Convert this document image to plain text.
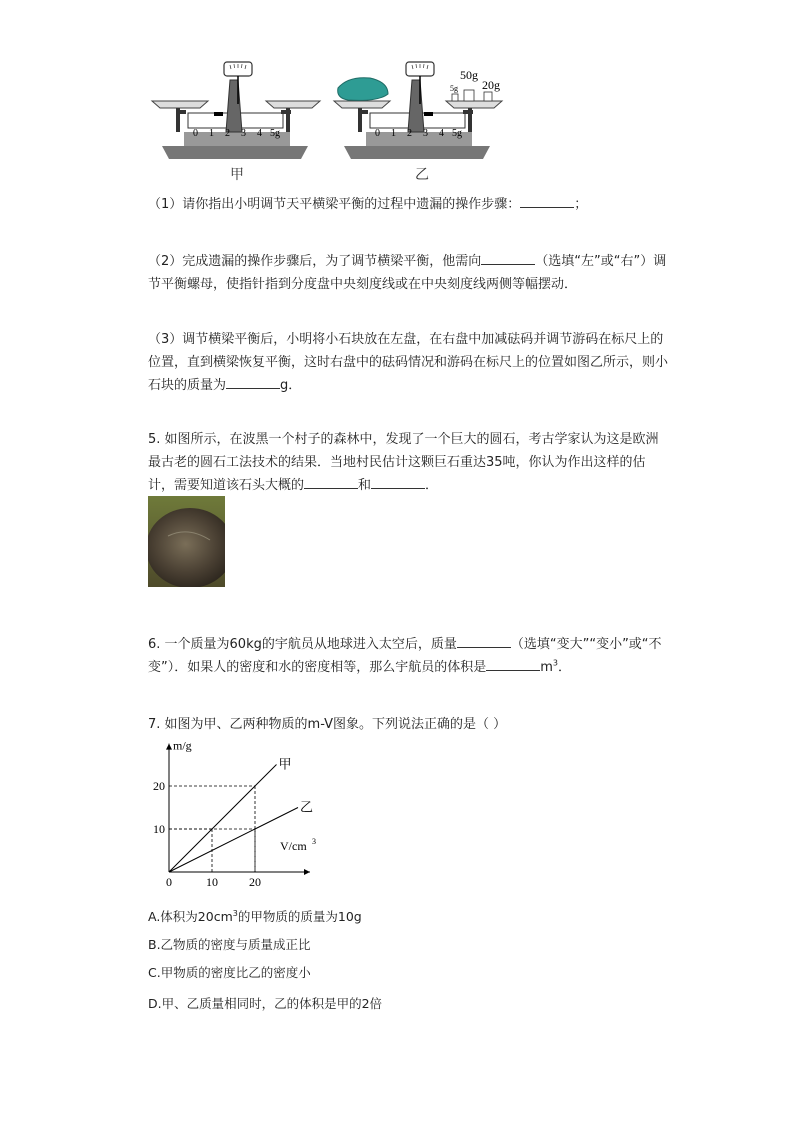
0 1 2 3 4 5g	0 1 2 3 4 5g
5g
50g
20g
甲	乙
（1）请你指出小明调节天平横梁平衡的过程中遗漏的操作步骤：	；
（2）完成遗漏的操作步骤后，为了调节横梁平衡，他需向	（选填“左”或“右”）调节平衡螺母，使指针指到分度盘中央刻度线或在中央刻度线两侧等幅摆动．
（3）调节横梁平衡后，小明将小石块放在左盘，在右盘中加减砝码并调节游码在标尺上的位置，直到横梁恢复平衡，这时右盘中的砝码情况和游码在标尺上的位置如图乙所示，则小石块的质量为	g．
5. 如图所示，在波黑一个村子的森林中，发现了一个巨大的圆石，考古学家认为这是欧洲最古老的圆石工法技术的结果．当地村民估计这颗巨石重达35吨，你认为作出这样的估计，需要知道该石头大概的	和	．
6. 一个质量为60kg的宇航员从地球进入太空后，质量	（选填“变大”“变小”或“不变”）．如果人的密度和水的密度相等，那么宇航员的体积是	$m^3$．
7. 如图为甲、乙两种物质的m-V图象。下列说法正确的是（ ）
10	20
10
20
0
m/g
V/cm 3
甲
乙
A.体积为$20cm^3$的甲物质的质量为10g
B.乙物质的密度与质量成正比
C.甲物质的密度比乙的密度小
D.甲、乙质量相同时，乙的体积是甲的2倍
